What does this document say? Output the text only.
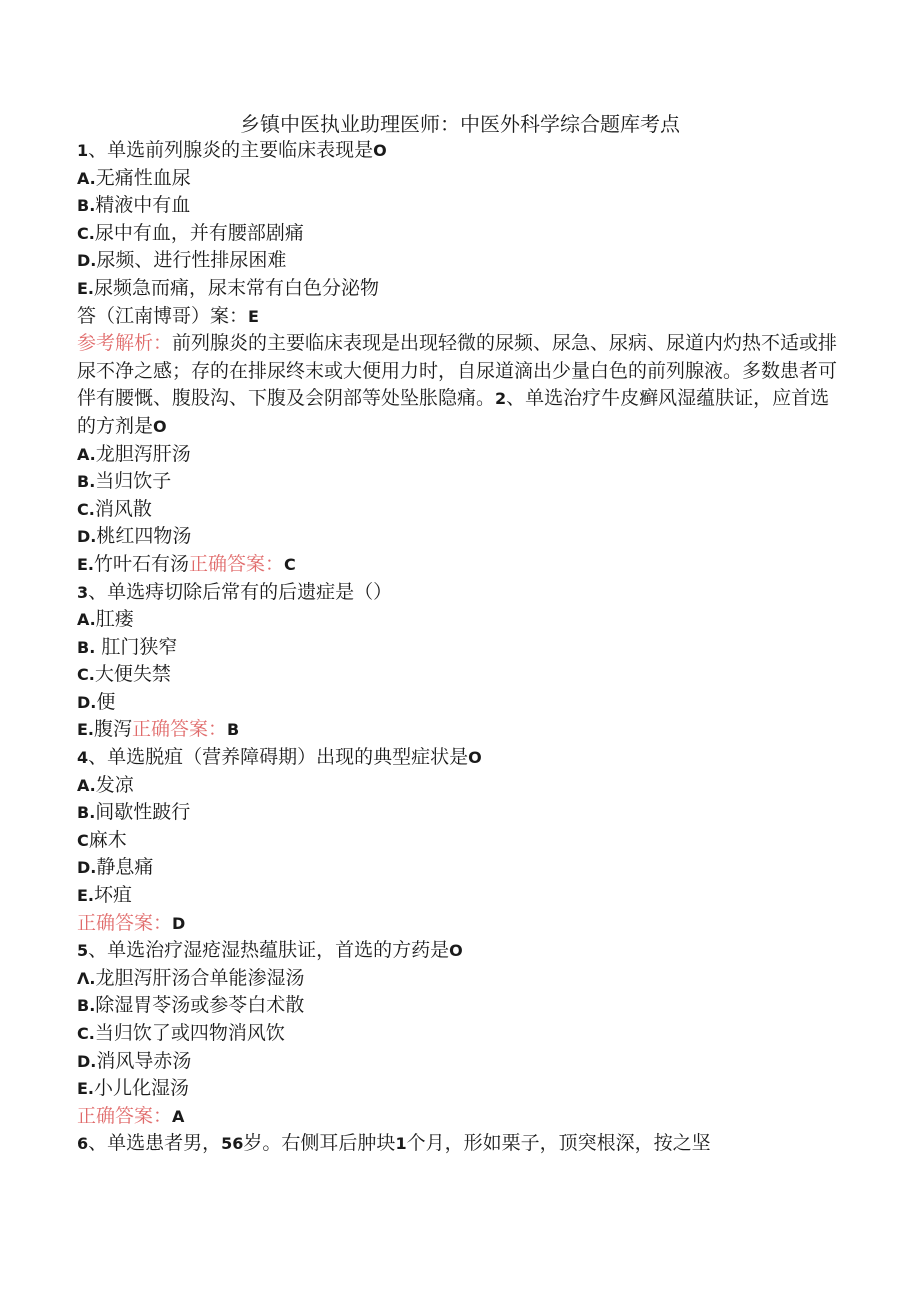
乡镇中医执业助理医师：中医外科学综合题库考点
1、单选前列腺炎的主要临床表现是O
A.无痛性血尿
B.精液中有血
C.尿中有血，并有腰部剧痛
D.尿频、进行性排尿困难
E.尿频急而痛，尿末常有白色分泌物
答（江南博哥）案：E
参考解析：前列腺炎的主要临床表现是出现轻微的尿频、尿急、尿病、尿道内灼热不适或排尿不净之感；存的在排尿终末或大便用力时，自尿道滴出少量白色的前列腺液。多数患者可伴有腰慨、腹股沟、下腹及会阴部等处坠胀隐痛。2、单选治疗牛皮癣风湿蕴肤证，应首选的方剂是O
A.龙胆泻肝汤
B.当归饮子
C.消风散
D.桃红四物汤
E.竹叶石有汤正确答案：C
3、单选痔切除后常有的后遗症是（）
A.肛瘘
B. 肛门狭窄
C.大便失禁
D.便
E.腹泻正确答案：B
4、单选脱疽（营养障碍期）出现的典型症状是O
A.发凉
B.间歇性跛行
C麻木
D.静息痛
E.坏疽
正确答案：D
5、单选治疗湿疮湿热蕴肤证，首选的方药是O
Λ.龙胆泻肝汤合单能渗湿汤
B.除湿胃苓汤或参苓白术散
C.当归饮了或四物消风饮
D.消风导赤汤
E.小儿化湿汤
正确答案：A
6、单选患者男，56岁。右侧耳后肿块1个月，形如栗子，顶突根深，按之坚
